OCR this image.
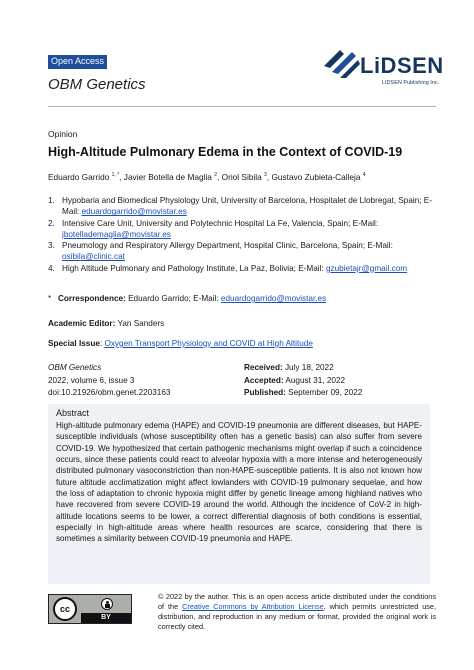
Open Access
OBM Genetics
LiDSEN
LIDSEN Publishing Inc.
Opinion
High-Altitude Pulmonary Edema in the Context of COVID-19
Eduardo Garrido $^{1, *}$, Javier Botella de Maglia $^2$, Oriol Sibila $^3$, Gustavo Zubieta-Calleja $^4$
1. Hypobaria and Biomedical Physiology Unit, University of Barcelona, Hospitalet de Llobregat, Spain; E-Mail: eduardogarrido@movistar.es
2. Intensive Care Unit, University and Polytechnic Hospital La Fe, Valencia, Spain; E-Mail: jbotellademaglia@movistar.es
3. Pneumology and Respiratory Allergy Department, Hospital Clinic, Barcelona, Spain; E-Mail: osibila@clinic.cat
4. High Altitude Pulmonary and Pathology Institute, La Paz, Bolivia; E-Mail: gzubietajr@gmail.com
* Correspondence: Eduardo Garrido; E-Mail: eduardogarrido@movistar.es
Academic Editor: Yan Sanders
Special Issue: Oxygen Transport Physiology and COVID at High Altitude
OBM Genetics
2022, volume 6, issue 3
doi:10.21926/obm.genet.2203163
Received: July 18, 2022
Accepted: August 31, 2022
Published: September 09, 2022
Abstract
High-altitude pulmonary edema (HAPE) and COVID-19 pneumonia are different diseases, but HAPE-susceptible individuals (whose susceptibility often has a genetic basis) can also suffer from severe COVID-19. We hypothesized that certain pathogenic mechanisms might overlap if such a coincidence occurs, since these patients could react to alveolar hypoxia with a more intense and heterogeneously distributed pulmonary vasoconstriction than non-HAPE-susceptible patients. It is also not known how future altitude acclimatization might affect lowlanders with COVID-19 pulmonary sequelae, and how the loss of adaptation to chronic hypoxia might differ by genetic lineage among highland natives who have recovered from severe COVID-19 around the world. Although the incidence of CoV-2 in high-altitude locations seems to be lower, a correct differential diagnosis of both conditions is essential, especially in high-altitude areas where health resources are scarce, considering that there is sometimes a similarity between COVID-19 pneumonia and HAPE.
cc
BY
© 2022 by the author. This is an open access article distributed under the conditions of the Creative Commons by Attribution License, which permits unrestricted use, distribution, and reproduction in any medium or format, provided the original work is correctly cited.
